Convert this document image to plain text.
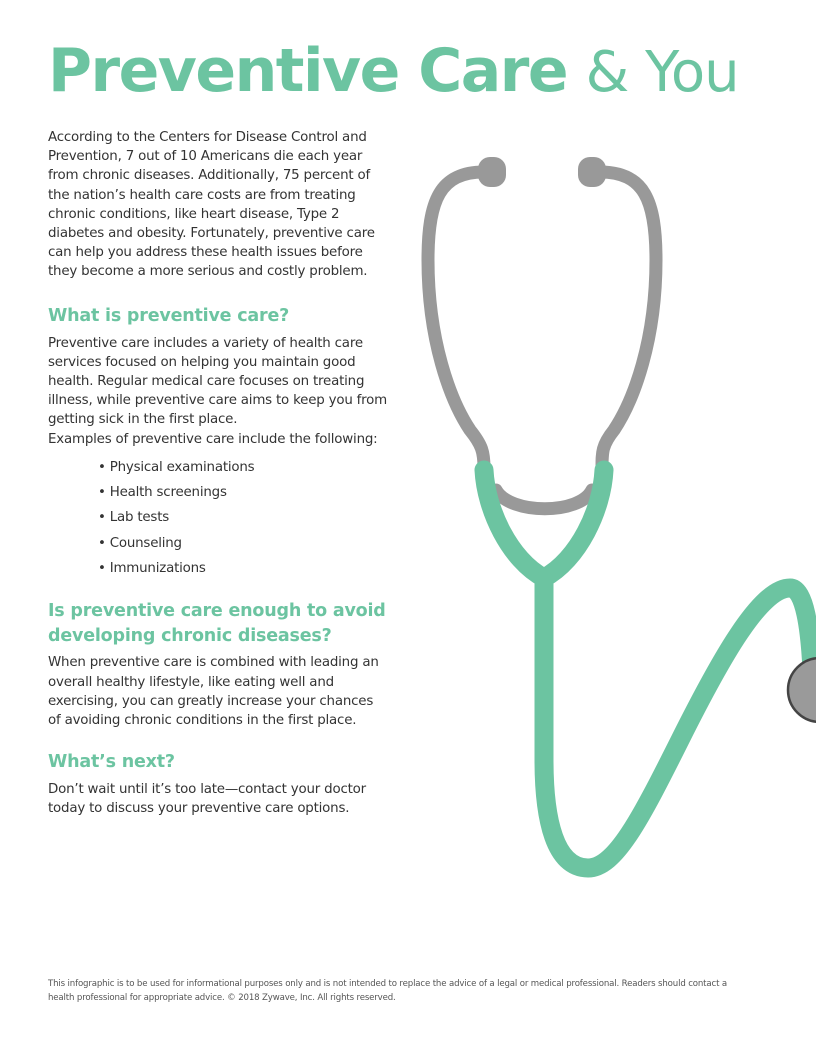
Preventive Care & You

According to the Centers for Disease Control and Prevention, 7 out of 10 Americans die each year from chronic diseases. Additionally, 75 percent of the nation’s health care costs are from treating chronic conditions, like heart disease, Type 2 diabetes and obesity. Fortunately, preventive care can help you address these health issues before they become a more serious and costly problem.

What is preventive care?

Preventive care includes a variety of health care services focused on helping you maintain good health. Regular medical care focuses on treating illness, while preventive care aims to keep you from getting sick in the first place.

Examples of preventive care include the following:

• Physical examinations
• Health screenings
• Lab tests
• Counseling
• Immunizations
Is preventive care enough to avoid developing chronic diseases?

When preventive care is combined with leading an overall healthy lifestyle, like eating well and exercising, you can greatly increase your chances of avoiding chronic conditions in the first place.

What’s next?

Don’t wait until it’s too late—contact your doctor today to discuss your preventive care options.

This infographic is to be used for informational purposes only and is not intended to replace the advice of a legal or medical professional. Readers should contact a health professional for appropriate advice. © 2018 Zywave, Inc. All rights reserved.
